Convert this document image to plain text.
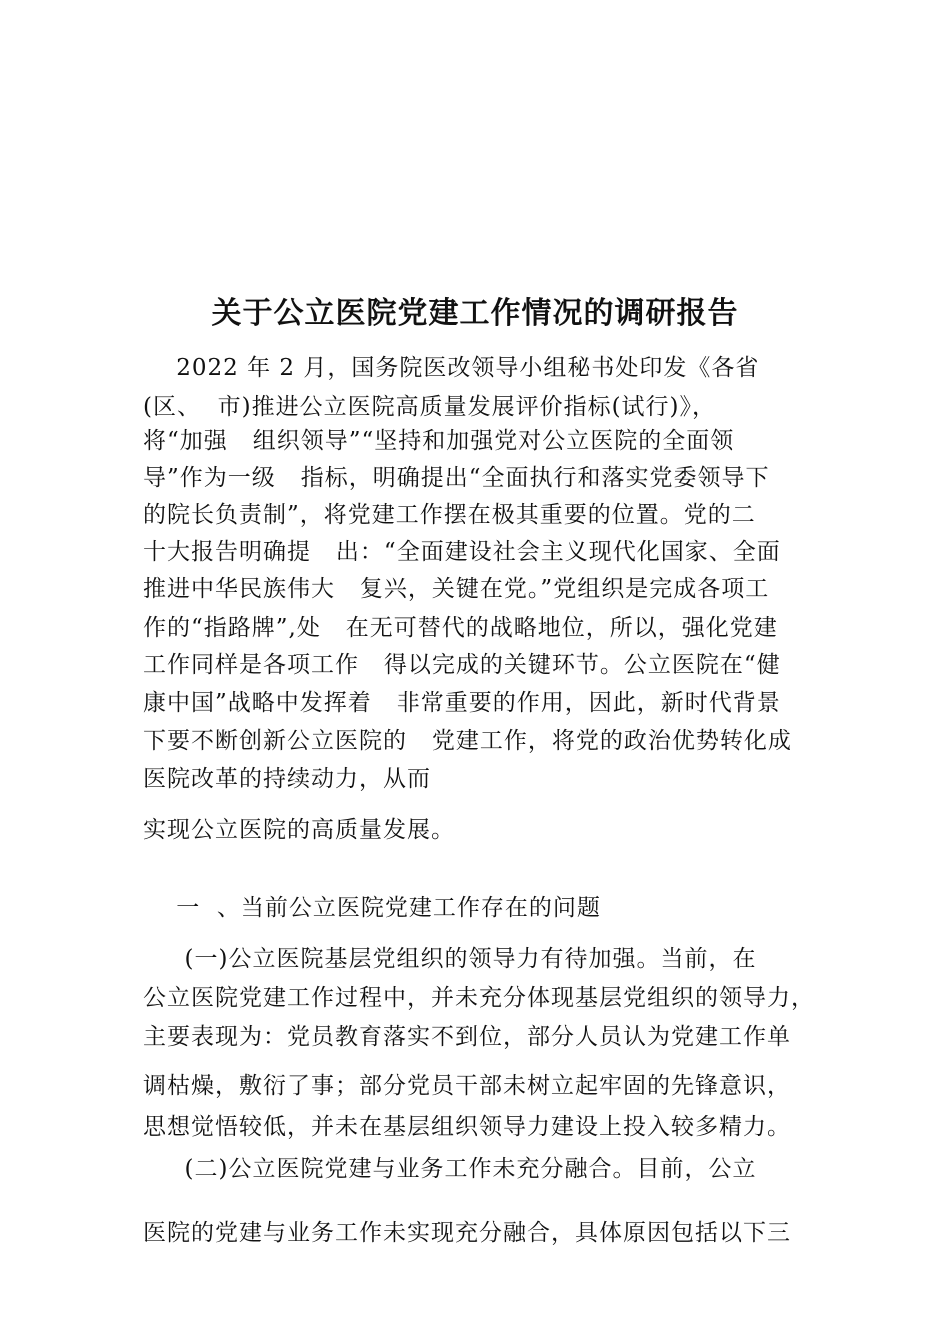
关于公立医院党建工作情况的调研报告
2022 年 2 月，国务院医改领导小组秘书处印发《各省
(区、  市)推进公立医院高质量发展评价指标(试行)》，
将“加强   组织领导”“坚持和加强党对公立医院的全面领
导”作为一级   指标，明确提出“全面执行和落实党委领导下
的院长负责制”，将党建工作摆在极其重要的位置。党的二
十大报告明确提   出：“全面建设社会主义现代化国家、全面
推进中华民族伟大   复兴，关键在党。”党组织是完成各项工
作的“指路牌”,处   在无可替代的战略地位，所以，强化党建
工作同样是各项工作   得以完成的关键环节。公立医院在“健
康中国”战略中发挥着   非常重要的作用，因此，新时代背景
下要不断创新公立医院的   党建工作，将党的政治优势转化成
医院改革的持续动力，从而
实现公立医院的高质量发展。
一  、当前公立医院党建工作存在的问题
(一)公立医院基层党组织的领导力有待加强。当前，在
公立医院党建工作过程中，并未充分体现基层党组织的领导力，
主要表现为：党员教育落实不到位，部分人员认为党建工作单
调枯燥，敷衍了事；部分党员干部未树立起牢固的先锋意识，
思想觉悟较低，并未在基层组织领导力建设上投入较多精力。
(二)公立医院党建与业务工作未充分融合。目前，公立
医院的党建与业务工作未实现充分融合，具体原因包括以下三
